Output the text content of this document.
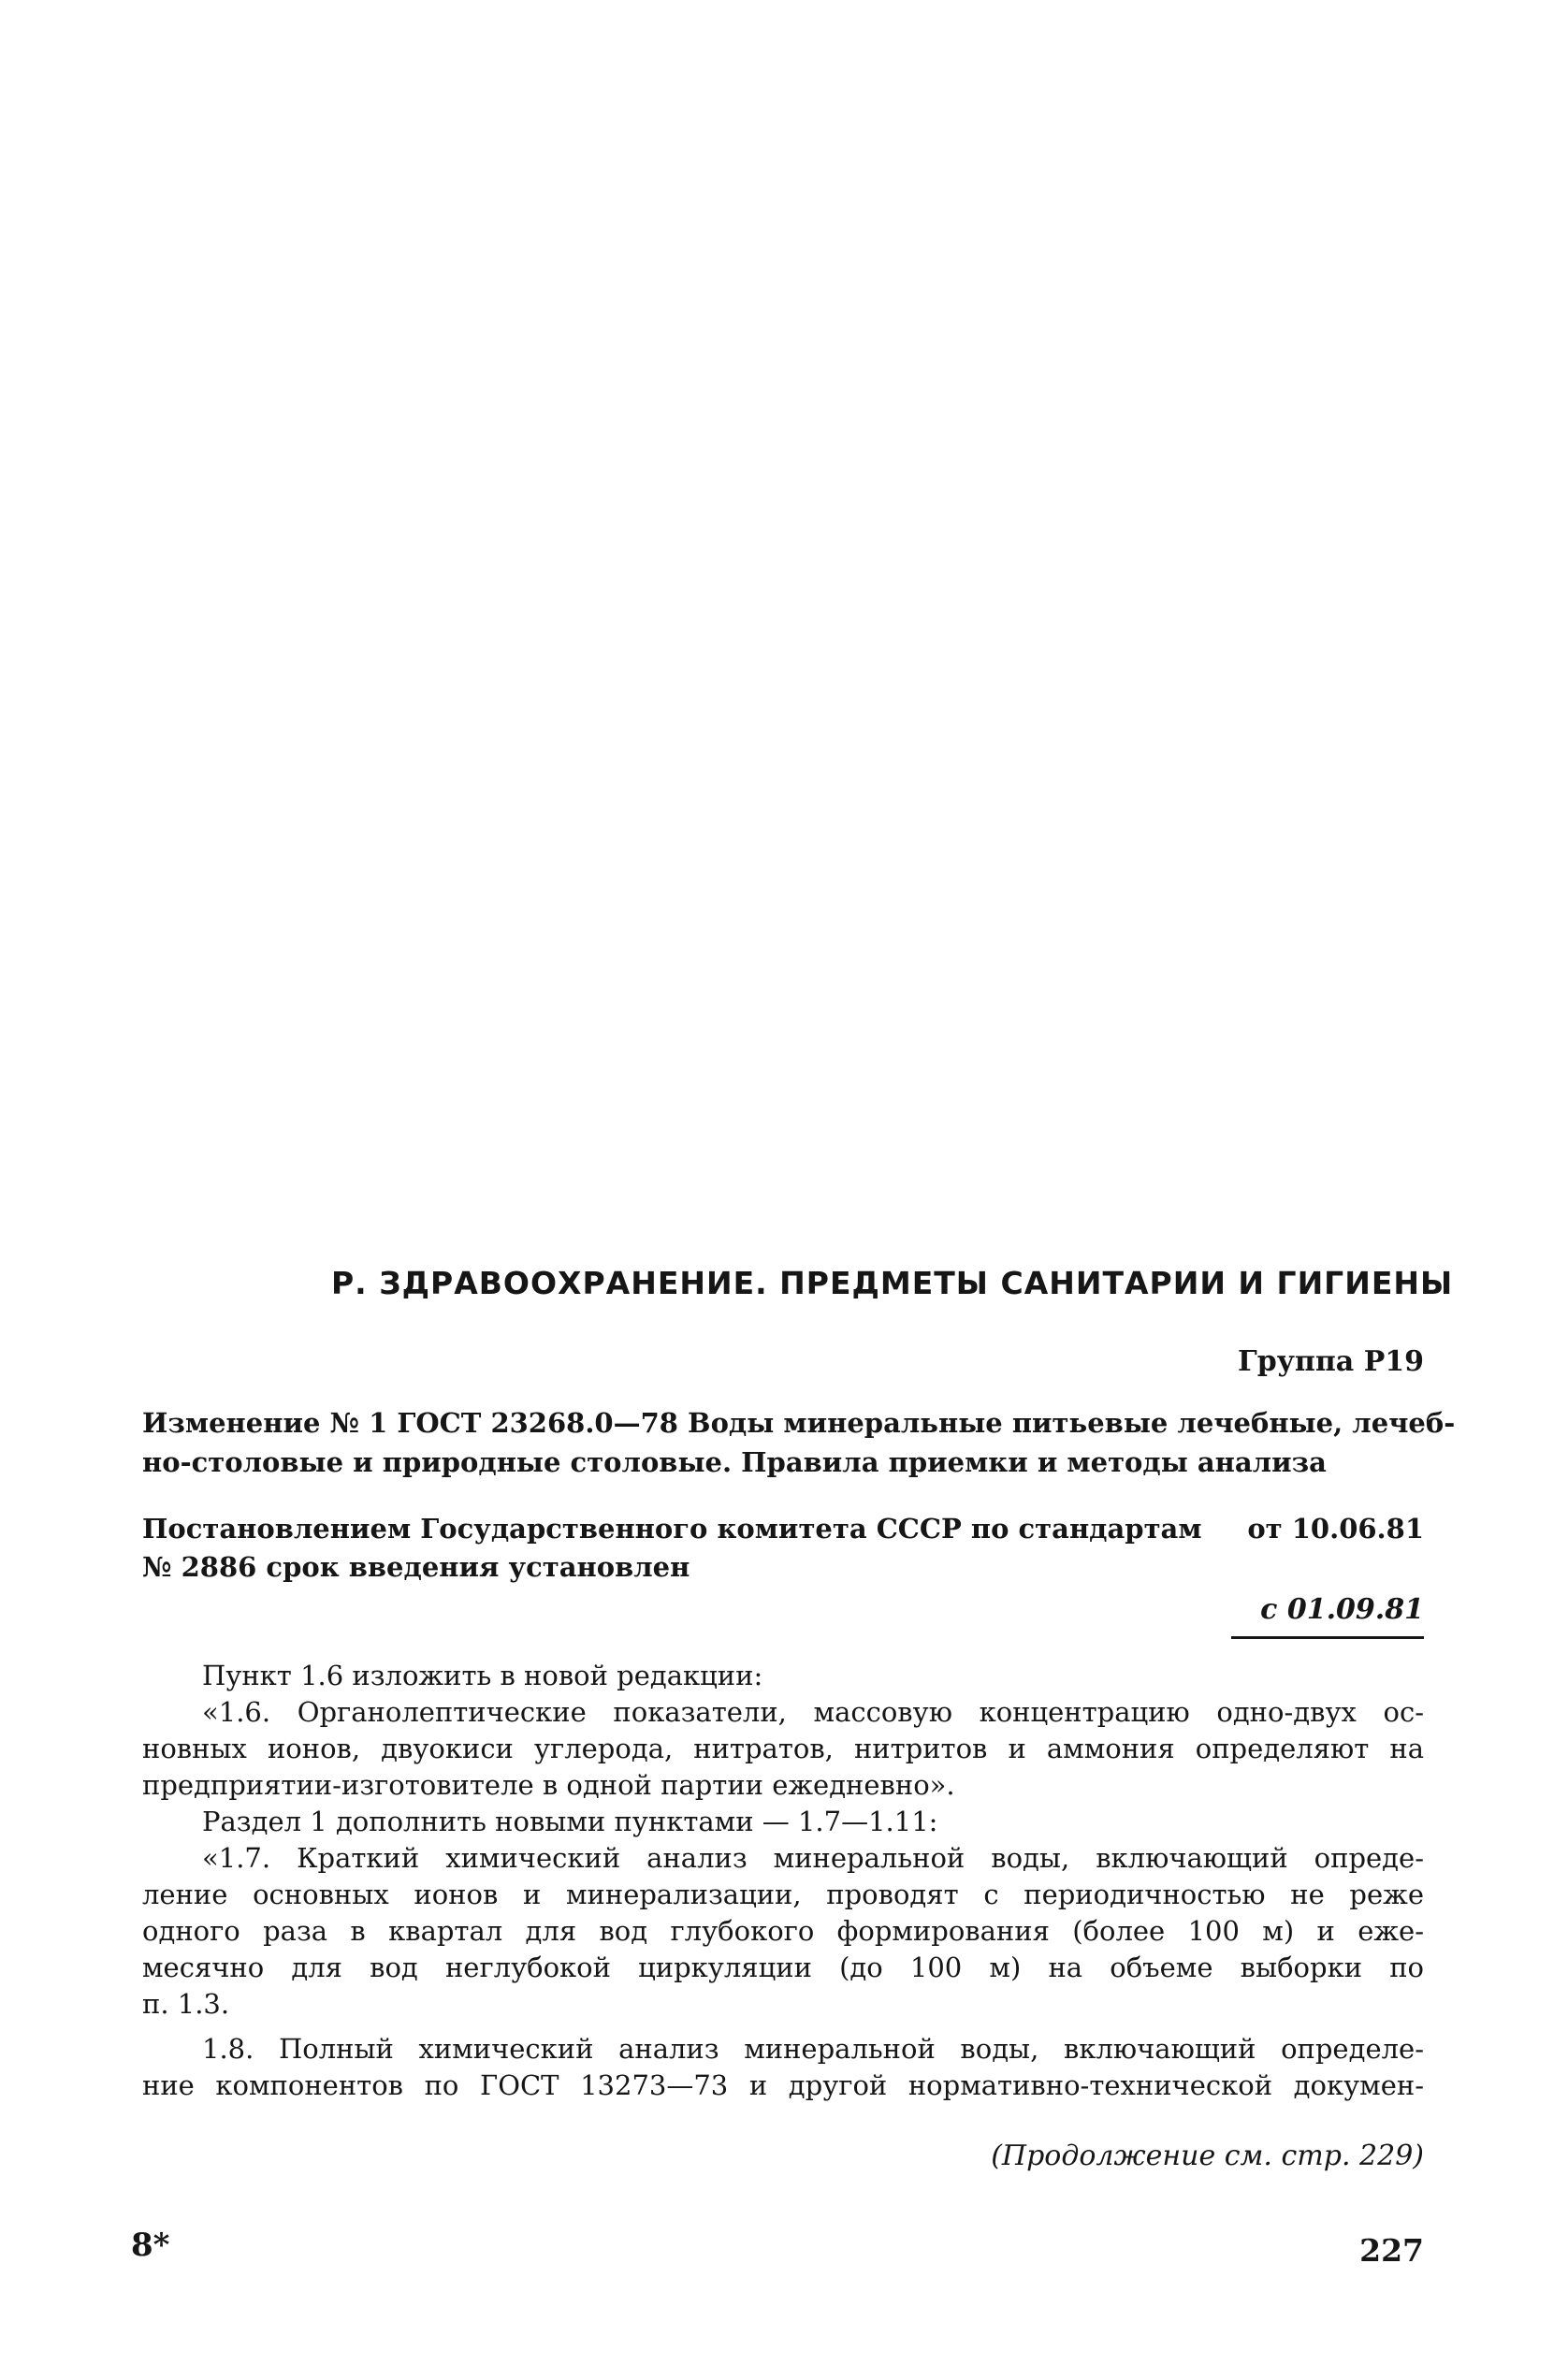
Р. ЗДРАВООХРАНЕНИЕ. ПРЕДМЕТЫ САНИТАРИИ И ГИГИЕНЫ
Группа Р19
Изменение № 1 ГОСТ 23268.0—78 Воды минеральные питьевые лечебные, лечеб-
но-столовые и природные столовые. Правила приемки и методы анализа
Постановлением Государственного комитета СССР по стандартам от 10.06.81
№ 2886 срок введения установлен
с 01.09.81
Пункт 1.6 изложить в новой редакции:
«1.6. Органолептические показатели, массовую концентрацию одно-двух ос-
новных ионов, двуокиси углерода, нитратов, нитритов и аммония определяют на
предприятии-изготовителе в одной партии ежедневно».
Раздел 1 дополнить новыми пунктами — 1.7—1.11:
«1.7. Краткий химический анализ минеральной воды, включающий опреде-
ление основных ионов и минерализации, проводят с периодичностью не реже
одного раза в квартал для вод глубокого формирования (более 100 м) и еже-
месячно для вод неглубокой циркуляции (до 100 м) на объеме выборки по
п. 1.3.
1.8. Полный химический анализ минеральной воды, включающий определе-
ние компонентов по ГОСТ 13273—73 и другой нормативно-технической докумен-
(Продолжение см. стр. 229)
8*	227
